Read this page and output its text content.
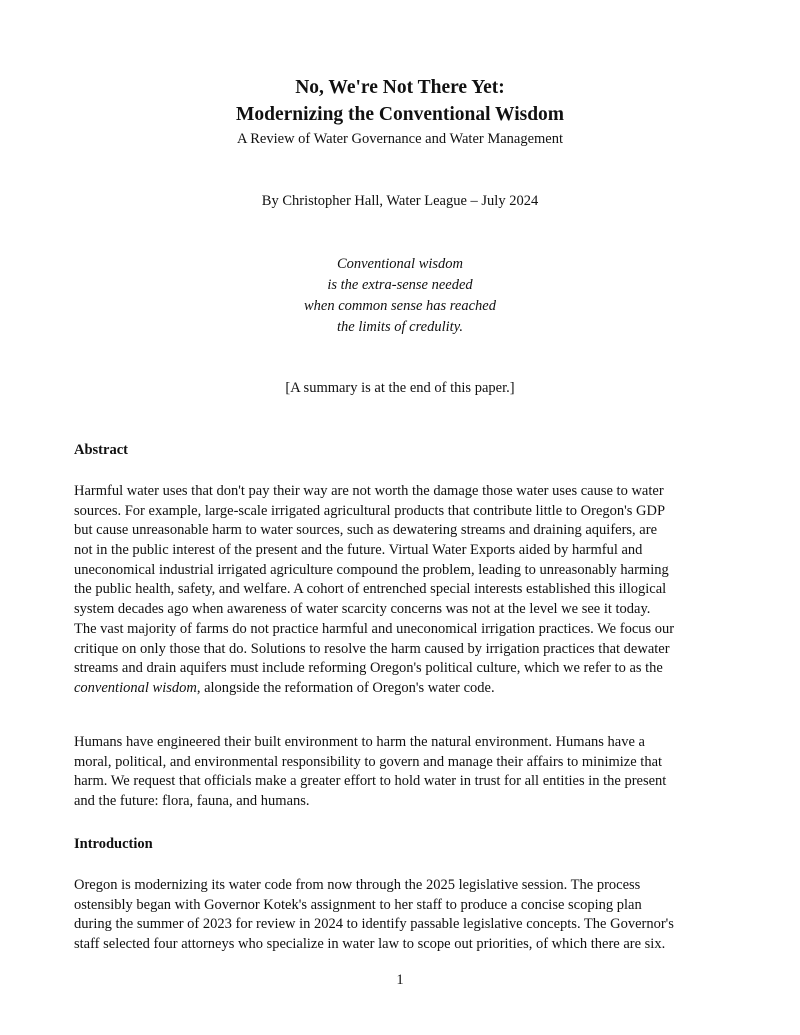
No, We're Not There Yet:
Modernizing the Conventional Wisdom
A Review of Water Governance and Water Management
By Christopher Hall, Water League – July 2024
Conventional wisdom
is the extra-sense needed
when common sense has reached
the limits of credulity.
[A summary is at the end of this paper.]
Abstract
Harmful water uses that don't pay their way are not worth the damage those water uses cause to water
sources. For example, large-scale irrigated agricultural products that contribute little to Oregon's GDP
but cause unreasonable harm to water sources, such as dewatering streams and draining aquifers, are
not in the public interest of the present and the future. Virtual Water Exports aided by harmful and
uneconomical industrial irrigated agriculture compound the problem, leading to unreasonably harming
the public health, safety, and welfare. A cohort of entrenched special interests established this illogical
system decades ago when awareness of water scarcity concerns was not at the level we see it today.
The vast majority of farms do not practice harmful and uneconomical irrigation practices. We focus our
critique on only those that do. Solutions to resolve the harm caused by irrigation practices that dewater
streams and drain aquifers must include reforming Oregon's political culture, which we refer to as the
conventional wisdom, alongside the reformation of Oregon's water code.
Humans have engineered their built environment to harm the natural environment. Humans have a
moral, political, and environmental responsibility to govern and manage their affairs to minimize that
harm. We request that officials make a greater effort to hold water in trust for all entities in the present
and the future: flora, fauna, and humans.
Introduction
Oregon is modernizing its water code from now through the 2025 legislative session. The process
ostensibly began with Governor Kotek's assignment to her staff to produce a concise scoping plan
during the summer of 2023 for review in 2024 to identify passable legislative concepts. The Governor's
staff selected four attorneys who specialize in water law to scope out priorities, of which there are six.
1
